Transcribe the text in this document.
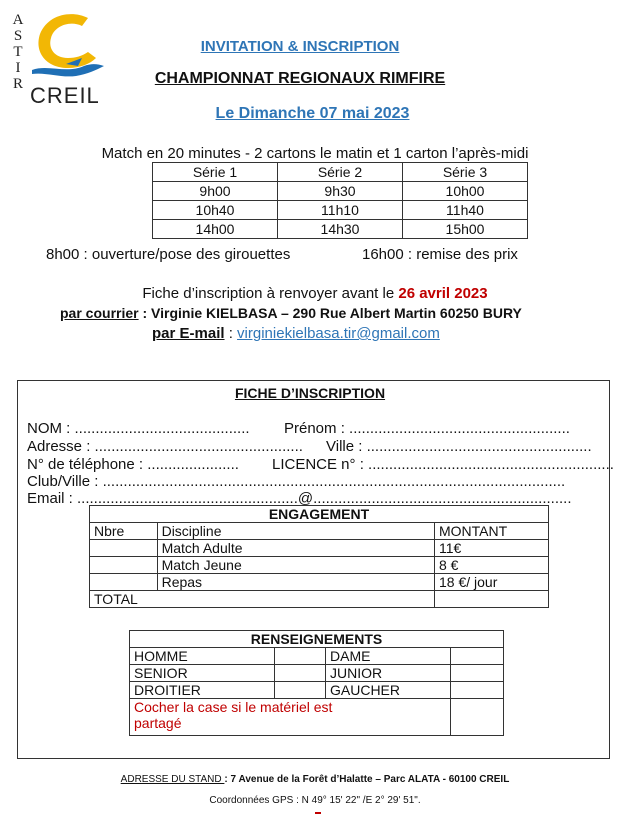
A
S
T
I
R CREIL
INVITATION & INSCRIPTION
CHAMPIONNAT REGIONAUX RIMFIRE
Le Dimanche 07 mai 2023
Match en 20 minutes - 2 cartons le matin et 1 carton l’après-midi
Série 1	Série 2	Série 3
9h00	9h30	10h00
10h40	11h10	11h40
14h00	14h30	15h00
8h00 : ouverture/pose des girouettes	16h00 : remise des prix
Fiche d’inscription à renvoyer avant le 26 avril 2023
par courrier : Virginie KIELBASA – 290 Rue Albert Martin 60250 BURY
par E-mail : virginiekielbasa.tir@gmail.com
FICHE D’INSCRIPTION
NOM : .......................................... Prénom : .....................................................
Adresse : .................................................. Ville : ......................................................
N° de téléphone : ...................... LICENCE n° : ...........................................................
Club/Ville : ...............................................................................................................
Email : .....................................................@..............................................................
ENGAGEMENT		
Nbre	Discipline	MONTANT
	Match Adulte	11€
	Match Jeune	8 €
	Repas	18 €/ jour
TOTAL		
RENSEIGNEMENTS			
HOMME		DAME	
SENIOR		JUNIOR	
DROITIER		GAUCHER	
Cocher la case si le matériel est partagé			
ADRESSE DU STAND : 7 Avenue de la Forêt d’Halatte – Parc ALATA - 60100 CREIL
Coordonnées GPS : N 49° 15' 22" /E 2° 29' 51".
